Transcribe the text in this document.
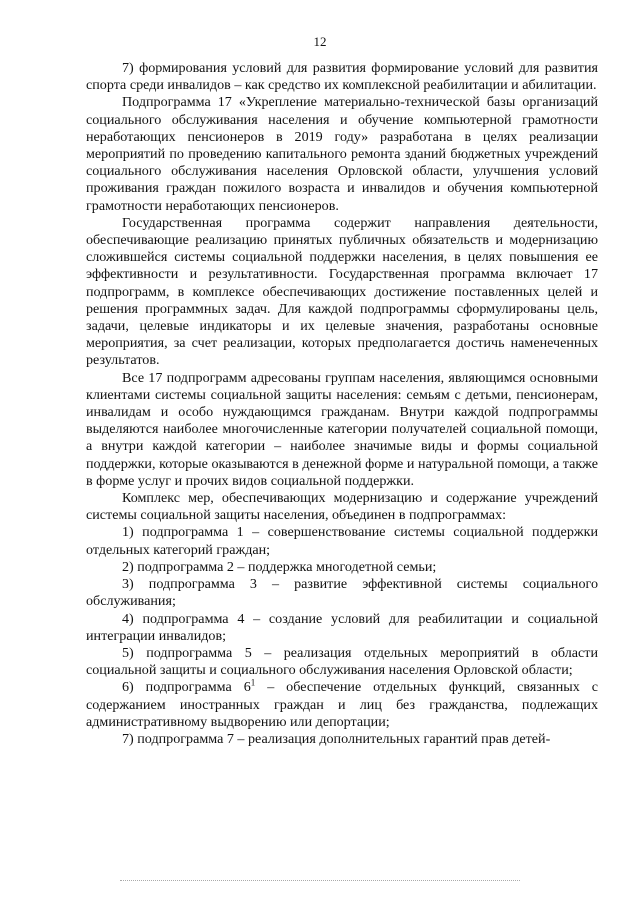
12

7) формирования условий для развития формирование условий для развития спорта среди инвалидов – как средство их комплексной реабилитации и абилитации.

Подпрограмма 17 «Укрепление материально-технической базы организаций социального обслуживания населения и обучение компьютерной грамотности неработающих пенсионеров в 2019 году» разработана в целях реализации мероприятий по проведению капитального ремонта зданий бюджетных учреждений социального обслуживания населения Орловской области, улучшения условий проживания граждан пожилого возраста и инвалидов и обучения компьютерной грамотности неработающих пенсионеров.

Государственная программа содержит направления деятельности, обеспечивающие реализацию принятых публичных обязательств и модернизацию сложившейся системы социальной поддержки населения, в целях повышения ее эффективности и результативности. Государственная программа включает 17 подпрограмм, в комплексе обеспечивающих достижение поставленных целей и решения программных задач. Для каждой подпрограммы сформулированы цель, задачи, целевые индикаторы и их целевые значения, разработаны основные мероприятия, за счет реализации, которых предполагается достичь наменеченных результатов.

Все 17 подпрограмм адресованы группам населения, являющимся основными клиентами системы социальной защиты населения: семьям с детьми, пенсионерам, инвалидам и особо нуждающимся гражданам. Внутри каждой подпрограммы выделяются наиболее многочисленные категории получателей социальной помощи, а внутри каждой категории – наиболее значимые виды и формы социальной поддержки, которые оказываются в денежной форме и натуральной помощи, а также в форме услуг и прочих видов социальной поддержки.

Комплекс мер, обеспечивающих модернизацию и содержание учреждений системы социальной защиты населения, объединен в подпрограммах:

1) подпрограмма 1 – совершенствование системы социальной поддержки отдельных категорий граждан;

2) подпрограмма 2 – поддержка многодетной семьи;

3) подпрограмма 3 – развитие эффективной системы социального обслуживания;

4) подпрограмма 4 – создание условий для реабилитации и социальной интеграции инвалидов;

5) подпрограмма 5 – реализация отдельных мероприятий в области социальной защиты и социального обслуживания населения Орловской области;

6) подпрограмма $6^1$ – обеспечение отдельных функций, связанных с содержанием иностранных граждан и лиц без гражданства, подлежащих административному выдворению или депортации;

7) подпрограмма 7 – реализация дополнительных гарантий прав детей-
